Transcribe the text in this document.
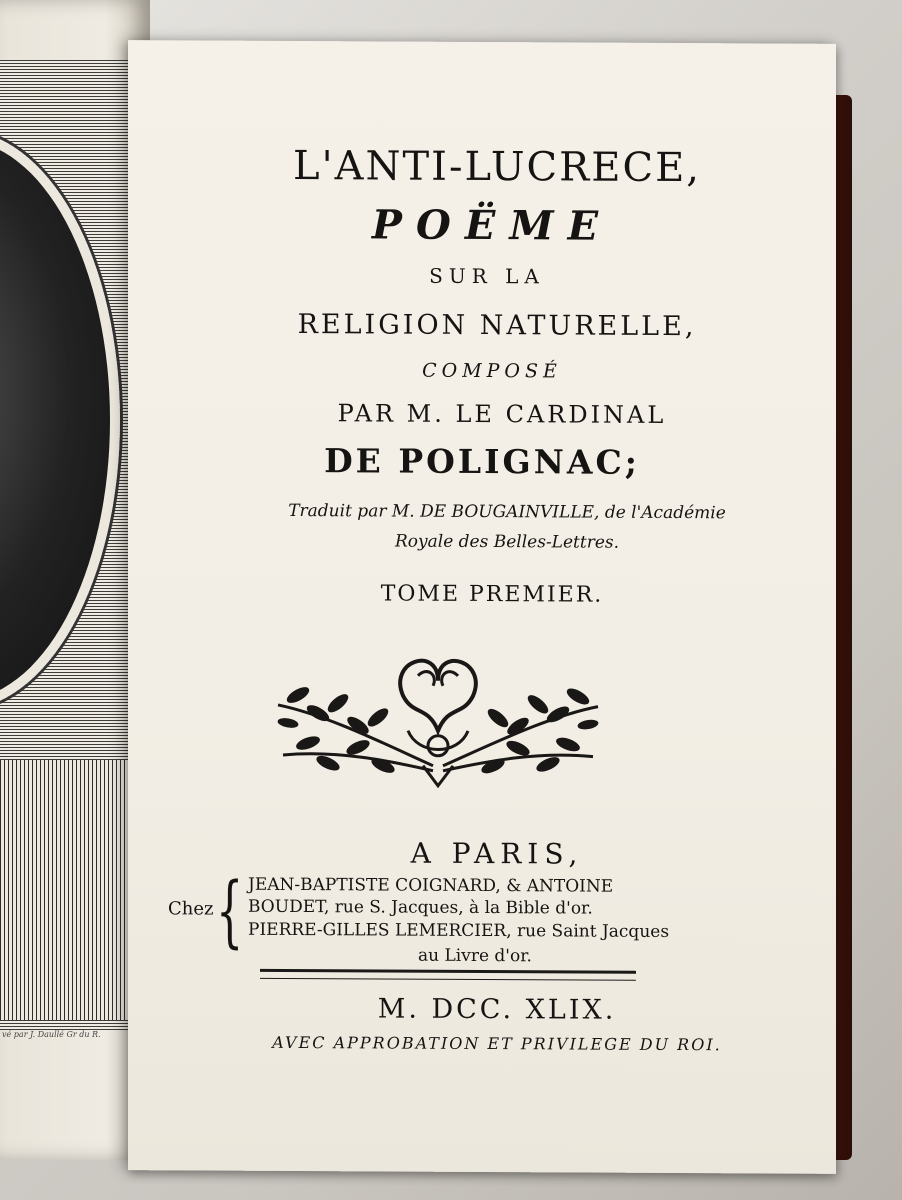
vé par J. Daullé Gr du R.
L'ANTI-LUCRECE,
POËME
SUR LA
RELIGION NATURELLE,
COMPOSÉ
PAR M. LE CARDINAL
DE POLIGNAC;
Traduit par M. DE BOUGAINVILLE, de l'Académie
Royale des Belles-Lettres.
TOME PREMIER.
A PARIS,
Chez { JEAN-BAPTISTE COIGNARD, & ANTOINE
BOUDET, rue S. Jacques, à la Bible d'or.
PIERRE-GILLES LEMERCIER, rue Saint Jacques
au Livre d'or.
M. DCC. XLIX.
AVEC APPROBATION ET PRIVILEGE DU ROI.
